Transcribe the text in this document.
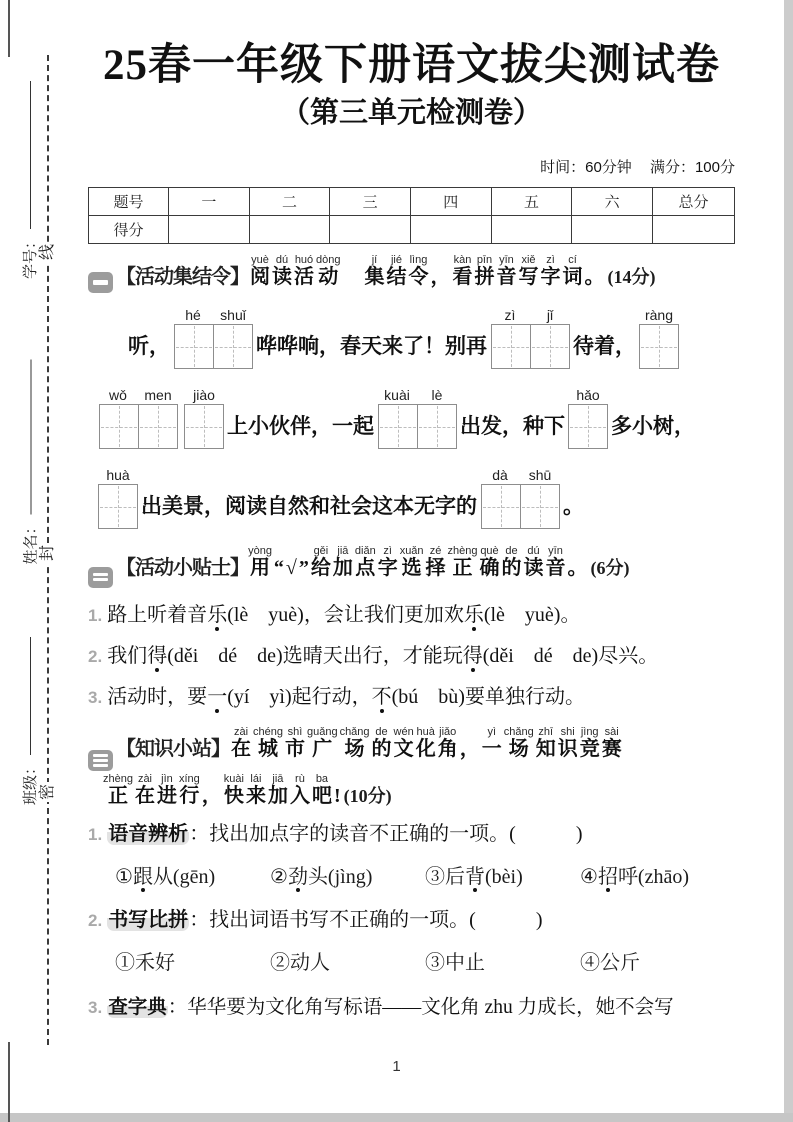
线
封
密
学号：
姓名：
班级：
25春一年级下册语文拔尖测试卷
（第三单元检测卷）
时间：60分钟 满分：100分
题号	一	二	三	四	五	六	总分
得分							
【活动集结令】阅yuè读dú活huó动dòng　集jí结jié令lìng， 看kàn拼pīn音yīn写xiě字zì词cí。 (14分)
听，
hé	shuǐ
哗哗响，春天来了！别再
zì	jǐ
待着，
ràng
wǒ	men	jiào
上小伙伴，一起
kuài	lè
出发，种下
hǎo
多小树，
huà
出美景，阅读自然和社会这本无字的
dà	shū
。
【活动小贴士】用yòng“ √ ” 给gěi加jiā点diǎn字zì选xuǎn择zé正zhèng确què的de读dú音yīn。 (6分)
1. 路上听着音乐(lè　yuè)，会让我们更加欢乐(lè　yuè)。
2. 我们得(děi　dé　de)选晴天出行，才能玩得(děi　dé　de)尽兴。
3. 活动时，要一(yí　yì)起行动，不(bú　bù)要单独行动。
【知识小站】在zài城chéng市shì广guǎng场chǎng的de文wén化huà角jiǎo， 一yì场chǎng知zhī识shi竞jìng赛sài
正zhèng在zài进jìn行xíng， 快kuài来lái加jiā入rù吧ba! (10分)
1. 语音辨析：找出加点字的读音不正确的一项。(　　　)
①跟从(gēn)	②劲头(jìng)	③后背(bèi)	④招呼(zhāo)
2. 书写比拼：找出词语书写不正确的一项。(　　　)
①禾好	②动人	③中止	④公斤
3. 查字典：华华要为文化角写标语——文化角 zhu 力成长，她不会写
1
